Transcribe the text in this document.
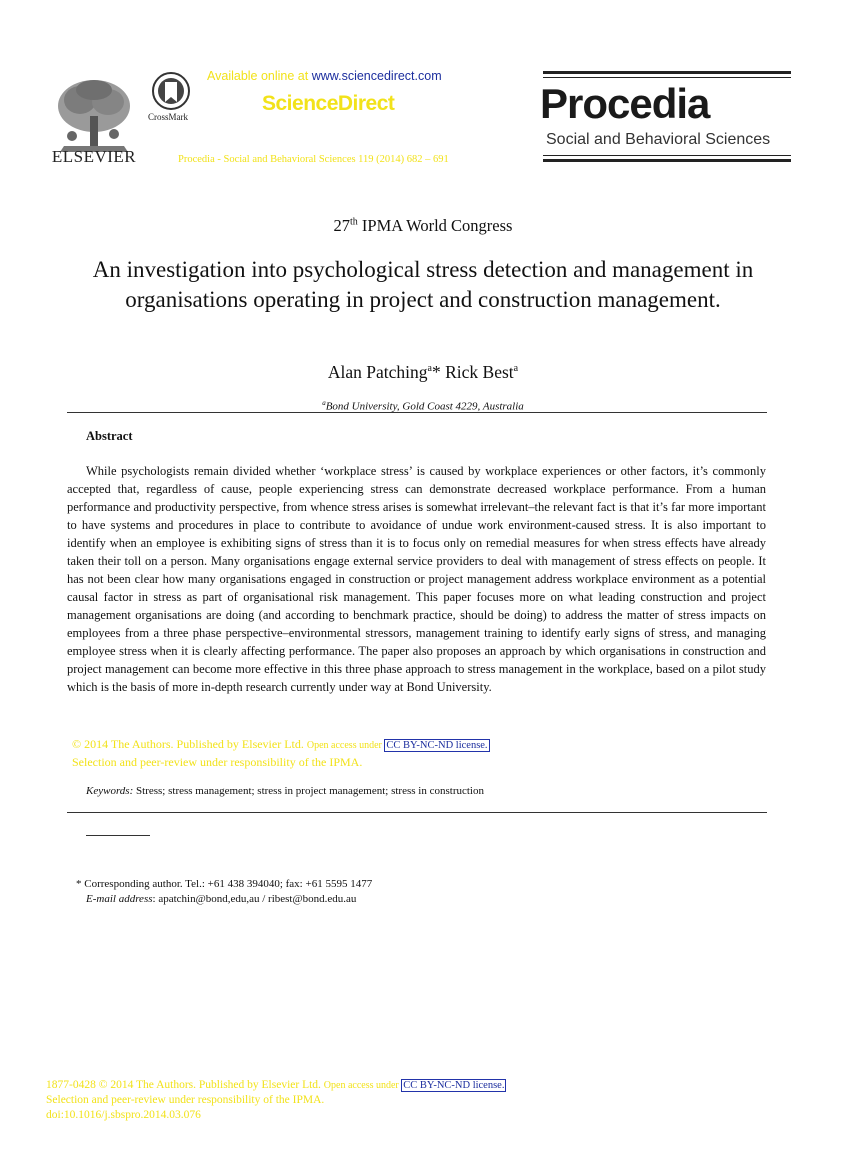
ELSEVIER
CrossMark
Available online at www.sciencedirect.com
ScienceDirect
Procedia - Social and Behavioral Sciences 119 (2014) 682 – 691
Procedia
Social and Behavioral Sciences
27th IPMA World Congress
An investigation into psychological stress detection and management in organisations operating in project and construction management.
Alan Patching$^a$* Rick Best$^a$
$^a$Bond University, Gold Coast 4229, Australia
Abstract
While psychologists remain divided whether ‘workplace stress’ is caused by workplace experiences or other factors, it’s commonly accepted that, regardless of cause, people experiencing stress can demonstrate decreased workplace performance. From a human performance and productivity perspective, from whence stress arises is somewhat irrelevant–the relevant fact is that it’s far more important to have systems and procedures in place to contribute to avoidance of undue work environment-caused stress. It is also important to identify when an employee is exhibiting signs of stress than it is to focus only on remedial measures for when stress effects have already taken their toll on a person. Many organisations engage external service providers to deal with management of stress effects on people. It has not been clear how many organisations engaged in construction or project management address workplace environment as a potential causal factor in stress as part of organisational risk management. This paper focuses more on what leading construction and project management organisations are doing (and according to benchmark practice, should be doing) to address the matter of stress impacts on employees from a three phase perspective–environmental stressors, management training to identify early signs of stress, and managing employee stress when it is clearly affecting performance. The paper also proposes an approach by which organisations in construction and project management can become more effective in this three phase approach to stress management in the workplace, based on a pilot study which is the basis of more in-depth research currently under way at Bond University.
© 2014 The Authors. Published by Elsevier Ltd. Open access under CC BY-NC-ND license.
Selection and peer-review under responsibility of the IPMA.
Keywords: Stress; stress management; stress in project management; stress in construction
* Corresponding author. Tel.: +61 438 394040; fax: +61 5595 1477
E-mail address: apatchin@bond,edu,au / ribest@bond.edu.au
1877-0428 © 2014 The Authors. Published by Elsevier Ltd. Open access under CC BY-NC-ND license.
Selection and peer-review under responsibility of the IPMA.
doi:10.1016/j.sbspro.2014.03.076
